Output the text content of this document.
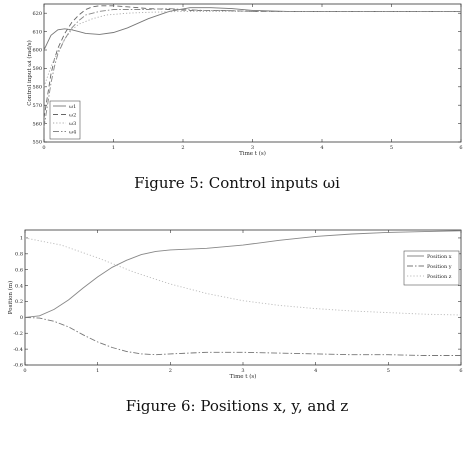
0	1	2	3	4	5	6
550
560
570
580
590
600
610
620
Time t (s)
Control input ωi (rad/s)
ω1
ω2
ω3
ω4
Figure 5: Control inputs ωi
0	1	2	3	4	5	6
-0.6
-0.4
-0.2
0
0.2
0.4
0.6
0.8
1
Time t (s)
Position (m)
Position x
Position y
Position z
Figure 6: Positions x, y, and z
